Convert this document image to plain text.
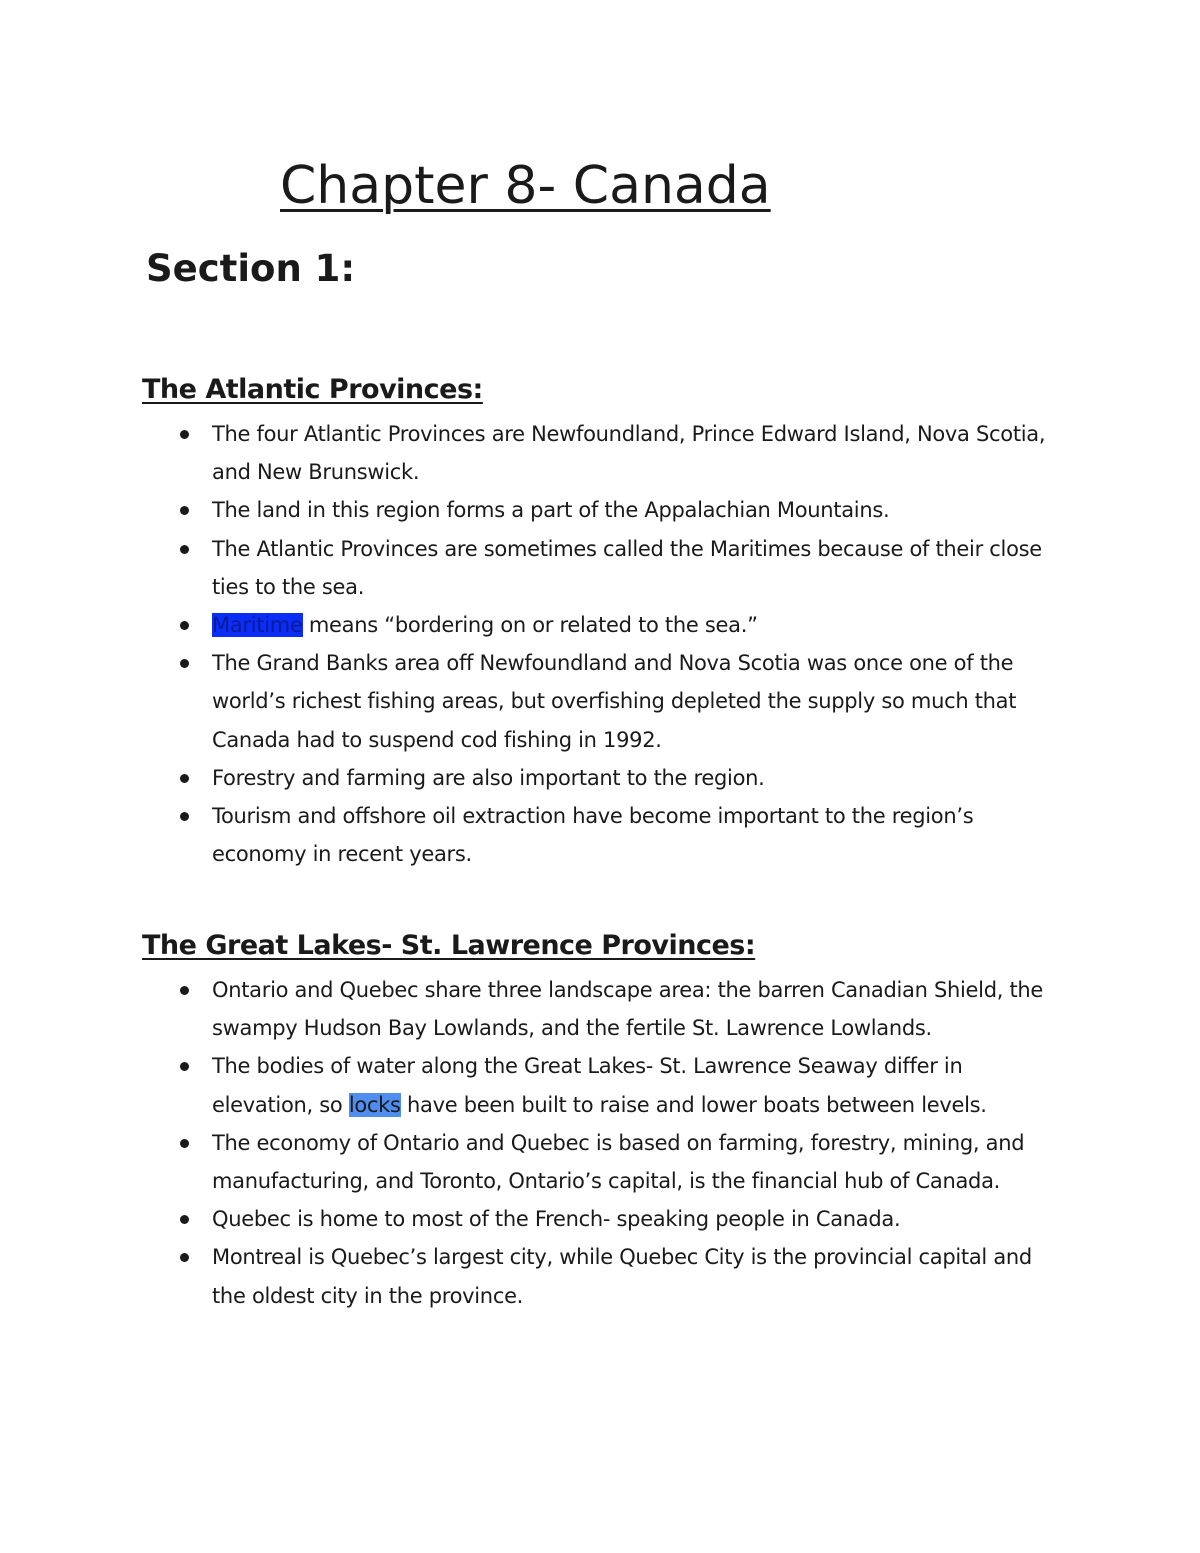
Chapter 8- Canada
Section 1:
The Atlantic Provinces:
The four Atlantic Provinces are Newfoundland, Prince Edward Island, Nova Scotia, and New Brunswick.
The land in this region forms a part of the Appalachian Mountains.
The Atlantic Provinces are sometimes called the Maritimes because of their close ties to the sea.
Maritime means “bordering on or related to the sea.”
The Grand Banks area off Newfoundland and Nova Scotia was once one of the world’s richest fishing areas, but overfishing depleted the supply so much that Canada had to suspend cod fishing in 1992.
Forestry and farming are also important to the region.
Tourism and offshore oil extraction have become important to the region’s economy in recent years.
The Great Lakes- St. Lawrence Provinces:
Ontario and Quebec share three landscape area: the barren Canadian Shield, the swampy Hudson Bay Lowlands, and the fertile St. Lawrence Lowlands.
The bodies of water along the Great Lakes- St. Lawrence Seaway differ in elevation, so locks have been built to raise and lower boats between levels.
The economy of Ontario and Quebec is based on farming, forestry, mining, and manufacturing, and Toronto, Ontario’s capital, is the financial hub of Canada.
Quebec is home to most of the French- speaking people in Canada.
Montreal is Quebec’s largest city, while Quebec City is the provincial capital and the oldest city in the province.
